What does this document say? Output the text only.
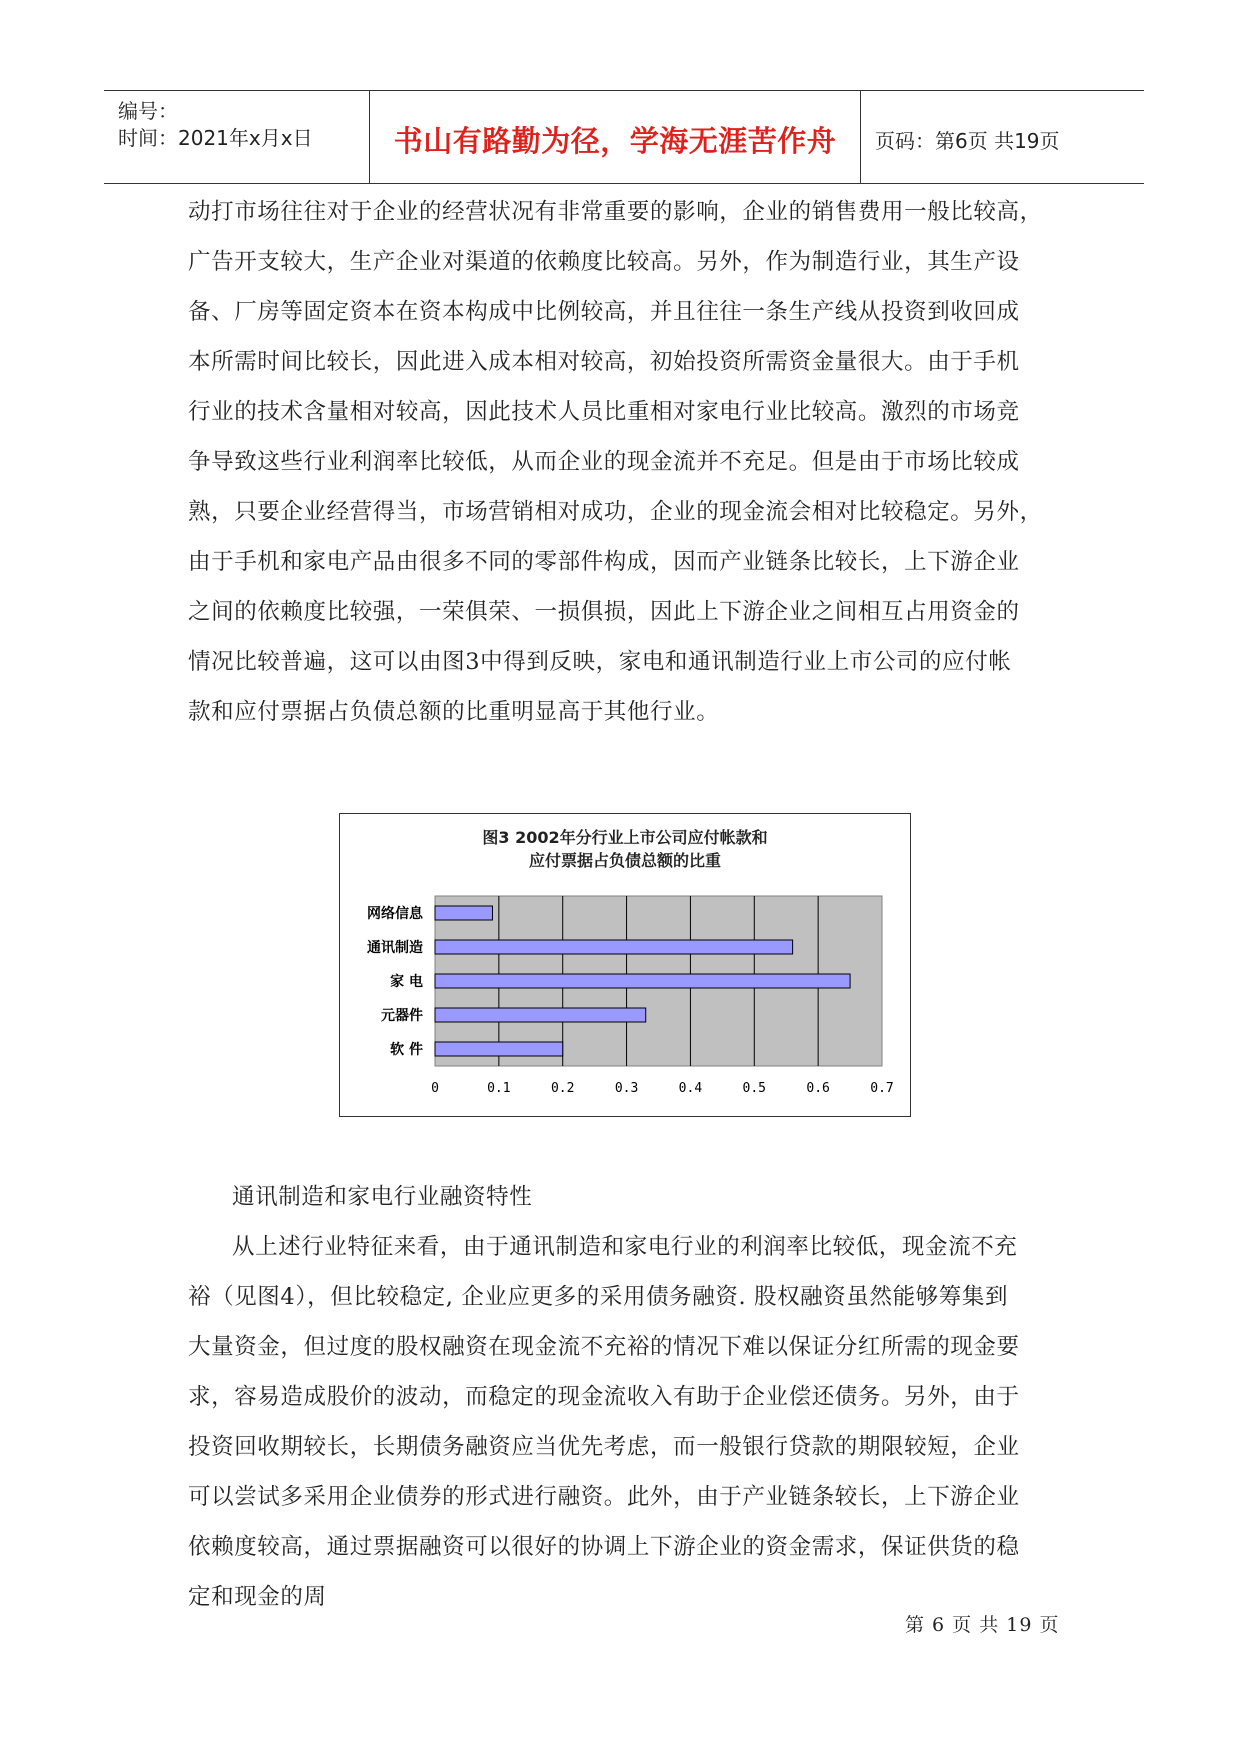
编号：
时间：2021年x月x日	书山有路勤为径，学海无涯苦作舟	页码：第6页 共19页
动打市场往往对于企业的经营状况有非常重要的影响，企业的销售费用一般比较高，
广告开支较大，生产企业对渠道的依赖度比较高。另外，作为制造行业，其生产设
备、厂房等固定资本在资本构成中比例较高，并且往往一条生产线从投资到收回成
本所需时间比较长，因此进入成本相对较高，初始投资所需资金量很大。由于手机
行业的技术含量相对较高，因此技术人员比重相对家电行业比较高。激烈的市场竞
争导致这些行业利润率比较低，从而企业的现金流并不充足。但是由于市场比较成
熟，只要企业经营得当，市场营销相对成功，企业的现金流会相对比较稳定。另外，
由于手机和家电产品由很多不同的零部件构成，因而产业链条比较长，上下游企业
之间的依赖度比较强，一荣俱荣、一损俱损，因此上下游企业之间相互占用资金的
情况比较普遍，这可以由图3中得到反映，家电和通讯制造行业上市公司的应付帐
款和应付票据占负债总额的比重明显高于其他行业。
图3 2002年分行业上市公司应付帐款和
应付票据占负债总额的比重
0	0.1	0.2	0.3	0.4	0.5	0.6	0.7
网络信息
通讯制造
家 电
元器件
软 件
通讯制造和家电行业融资特性
从上述行业特征来看，由于通讯制造和家电行业的利润率比较低，现金流不充
裕（见图4），但比较稳定, 企业应更多的采用债务融资. 股权融资虽然能够筹集到
大量资金，但过度的股权融资在现金流不充裕的情况下难以保证分红所需的现金要
求，容易造成股价的波动，而稳定的现金流收入有助于企业偿还债务。另外，由于
投资回收期较长，长期债务融资应当优先考虑，而一般银行贷款的期限较短，企业
可以尝试多采用企业债券的形式进行融资。此外，由于产业链条较长，上下游企业
依赖度较高，通过票据融资可以很好的协调上下游企业的资金需求，保证供货的稳
定和现金的周
第 6 页 共 19 页
